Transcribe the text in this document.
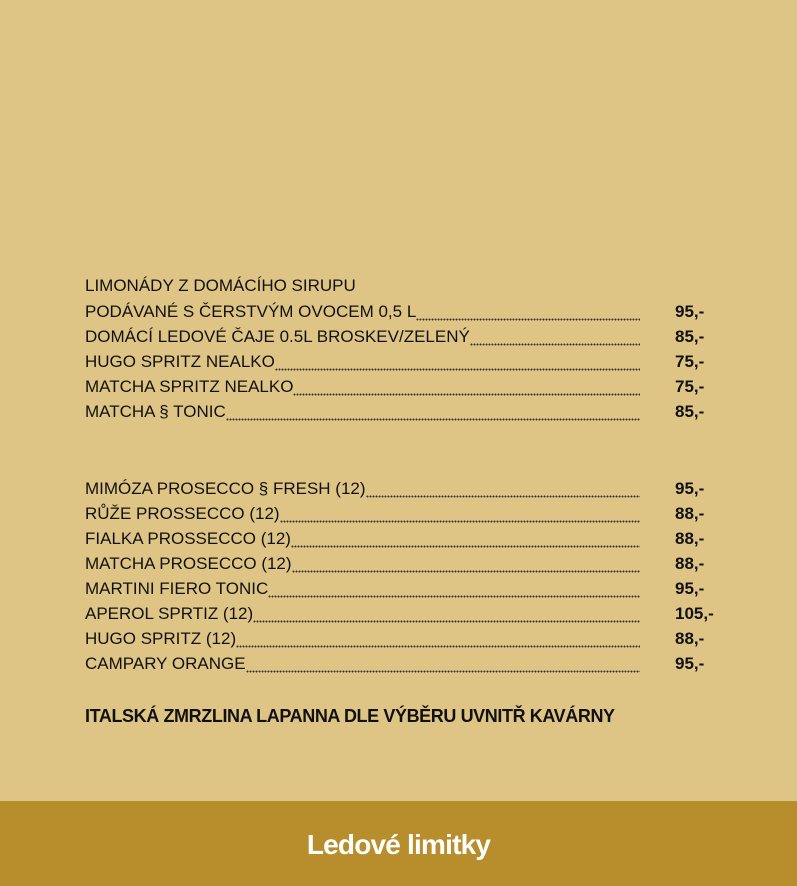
LIMONÁDY Z DOMÁCÍHO SIRUPU
PODÁVANÉ S ČERSTVÝM OVOCEM 0,5 L	95,-
DOMÁCÍ LEDOVÉ ČAJE 0.5L BROSKEV/ZELENÝ	85,-
HUGO SPRITZ NEALKO	75,-
MATCHA SPRITZ NEALKO	75,-
MATCHA § TONIC	85,-
MIMÓZA PROSECCO § FRESH (12)	95,-
RŮŽE PROSSECCO (12)	88,-
FIALKA PROSSECCO (12)	88,-
MATCHA PROSECCO (12)	88,-
MARTINI FIERO TONIC	95,-
APEROL SPRTIZ (12)	105,-
HUGO SPRITZ (12)	88,-
CAMPARY ORANGE	95,-
ITALSKÁ ZMRZLINA LAPANNA DLE VÝBĚRU UVNITŘ KAVÁRNY
Ledové limitky
